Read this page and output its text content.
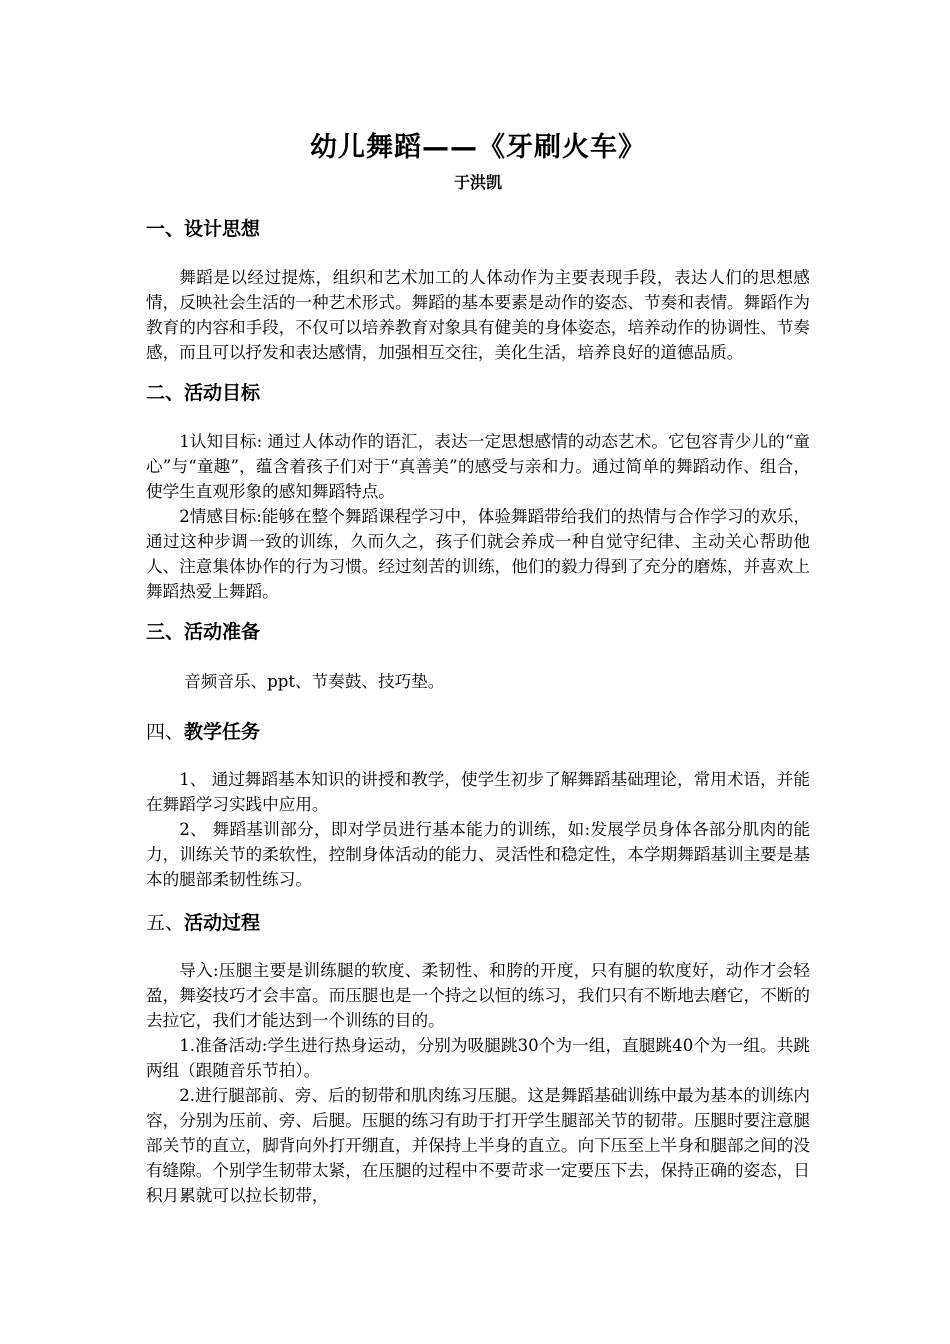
幼儿舞蹈——《牙刷火车》
于洪凯
一、设计思想

舞蹈是以经过提炼，组织和艺术加工的人体动作为主要表现手段，表达人们的思想感情，反映社会生活的一种艺术形式。舞蹈的基本要素是动作的姿态、节奏和表情。舞蹈作为教育的内容和手段，不仅可以培养教育对象具有健美的身体姿态，培养动作的协调性、节奏感，而且可以抒发和表达感情，加强相互交往，美化生活，培养良好的道德品质。

二、活动目标

1认知目标: 通过人体动作的语汇，表达一定思想感情的动态艺术。它包容青少儿的“童心”与“童趣”，蕴含着孩子们对于“真善美”的感受与亲和力。通过简单的舞蹈动作、组合，使学生直观形象的感知舞蹈特点。

2情感目标:能够在整个舞蹈课程学习中，体验舞蹈带给我们的热情与合作学习的欢乐，通过这种步调一致的训练，久而久之，孩子们就会养成一种自觉守纪律、主动关心帮助他人、注意集体协作的行为习惯。经过刻苦的训练，他们的毅力得到了充分的磨炼，并喜欢上舞蹈热爱上舞蹈。

三、活动准备

音频音乐、ppt、节奏鼓、技巧垫。

四、教学任务

1、 通过舞蹈基本知识的讲授和教学，使学生初步了解舞蹈基础理论，常用术语，并能在舞蹈学习实践中应用。

2、 舞蹈基训部分，即对学员进行基本能力的训练，如:发展学员身体各部分肌肉的能力，训练关节的柔软性，控制身体活动的能力、灵活性和稳定性，本学期舞蹈基训主要是基本的腿部柔韧性练习。

五、活动过程

导入:压腿主要是训练腿的软度、柔韧性、和胯的开度，只有腿的软度好，动作才会轻盈，舞姿技巧才会丰富。而压腿也是一个持之以恒的练习，我们只有不断地去磨它，不断的去拉它，我们才能达到一个训练的目的。

1.准备活动:学生进行热身运动，分别为吸腿跳30个为一组，直腿跳40个为一组。共跳两组（跟随音乐节拍）。

2.进行腿部前、旁、后的韧带和肌肉练习压腿。这是舞蹈基础训练中最为基本的训练内容，分别为压前、旁、后腿。压腿的练习有助于打开学生腿部关节的韧带。压腿时要注意腿部关节的直立，脚背向外打开绷直，并保持上半身的直立。向下压至上半身和腿部之间的没有缝隙。个别学生韧带太紧，在压腿的过程中不要苛求一定要压下去，保持正确的姿态，日积月累就可以拉长韧带，
